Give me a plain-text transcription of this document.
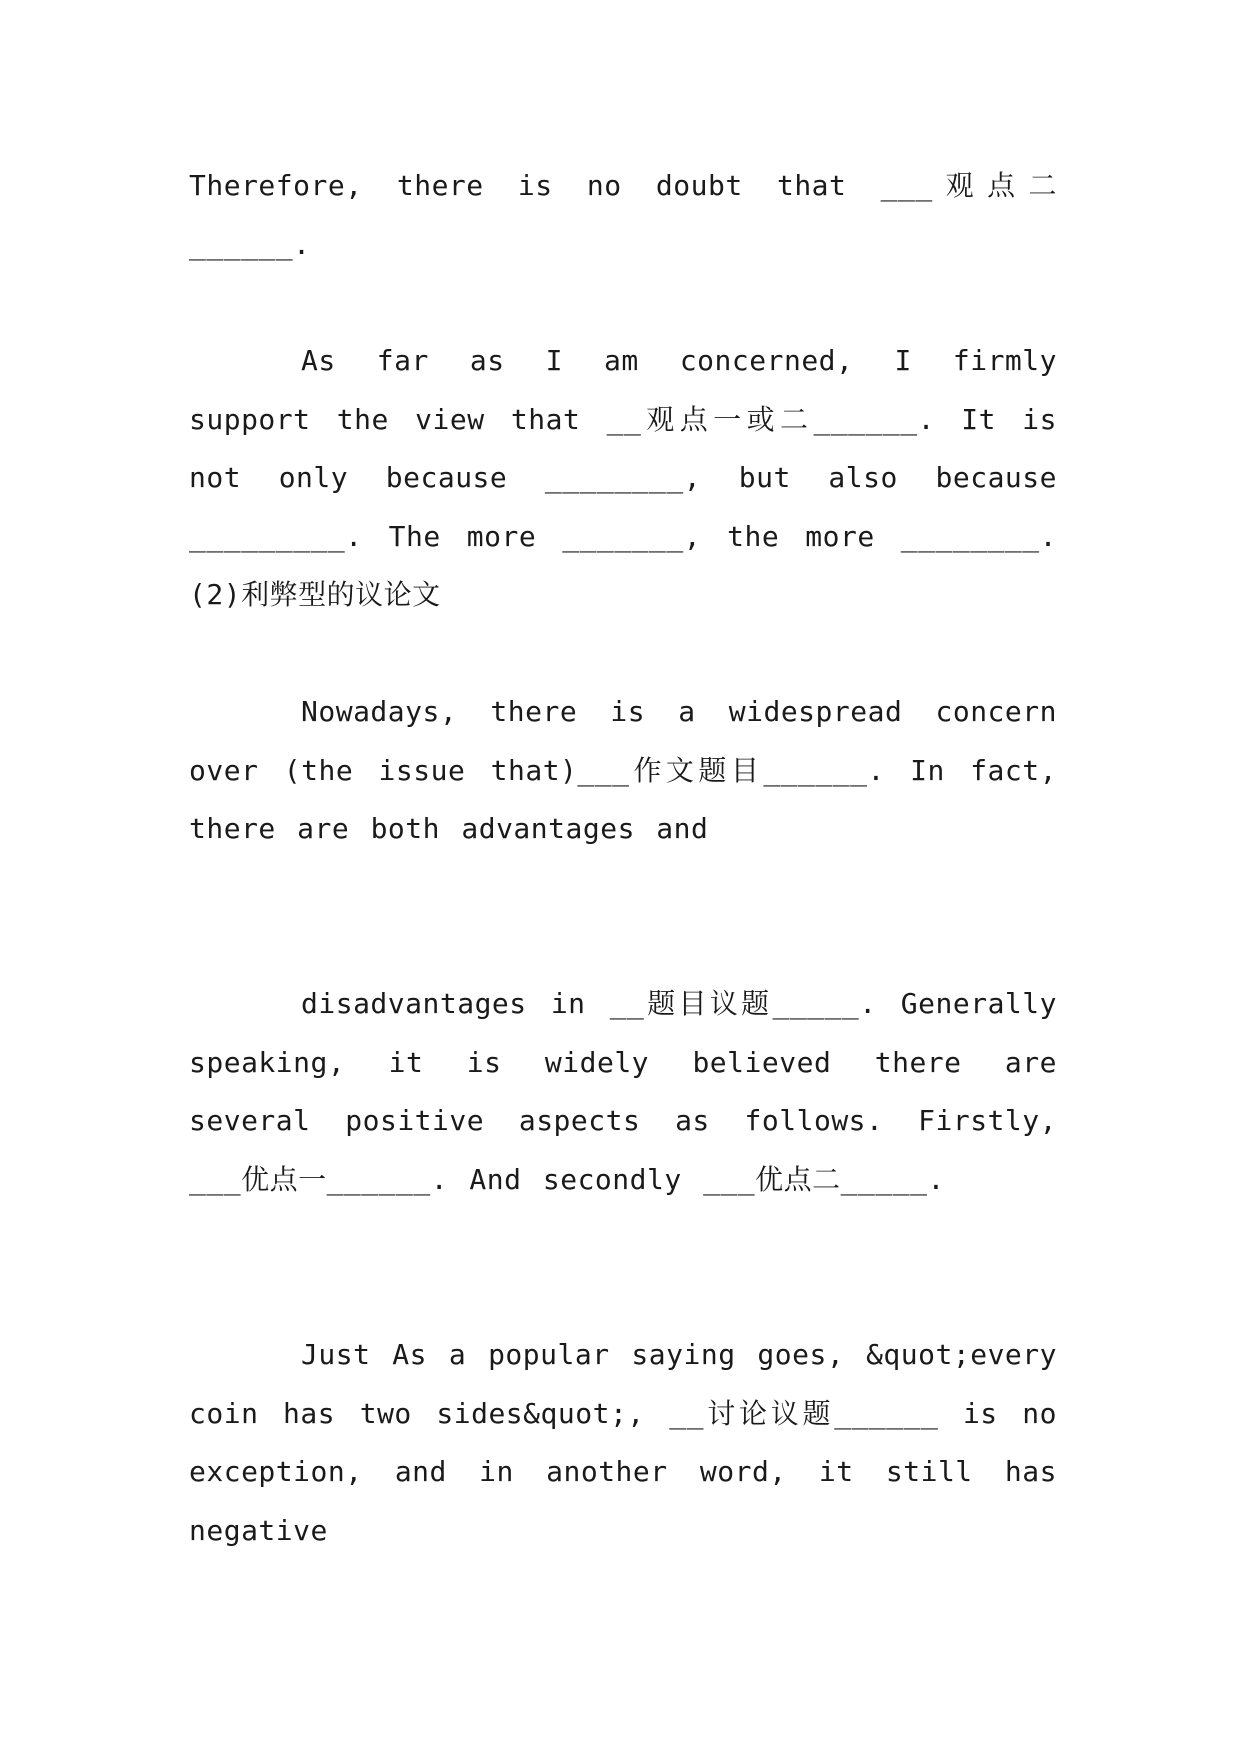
Therefore, there is no doubt that ___观点二______.

As far as I am concerned, I firmly support the view that __观点一或二______. It is not only because ________, but also because _________. The more _______, the more ________. (2)利弊型的议论文

Nowadays, there is a widespread concern over (the issue that)___作文题目______. In fact, there are both advantages and

disadvantages in __题目议题_____. Generally speaking, it is widely believed there are several positive aspects as follows. Firstly, ___优点一______. And secondly ___优点二_____.

Just As a popular saying goes, &quot;every coin has two sides&quot;, __讨论议题______ is no exception, and in another word, it still has negative
